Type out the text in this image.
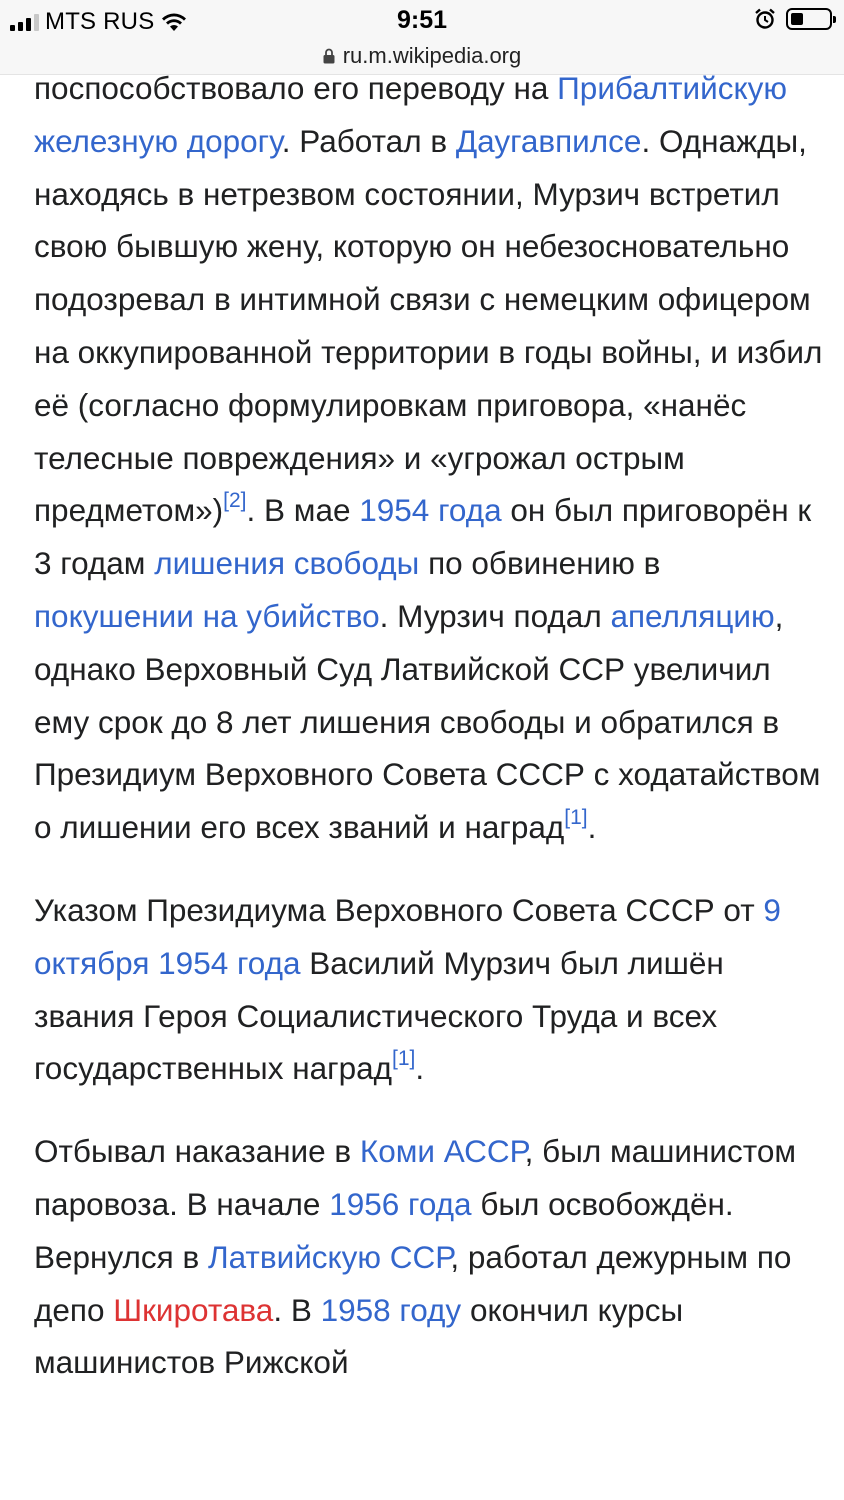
MTS RUS	9:51
ru.m.wikipedia.org

поспособствовало его переводу на Прибалтийскую железную дорогу. Работал в Даугавпилсе. Однажды, находясь в нетрезвом состоянии, Мурзич встретил свою бывшую жену, которую он небезосновательно подозревал в интимной связи с немецким офицером на оккупированной территории в годы войны, и избил её (согласно формулировкам приговора, «нанёс телесные повреждения» и «угрожал острым предметом»)[2]. В мае 1954 года он был приговорён к 3 годам лишения свободы по обвинению в покушении на убийство. Мурзич подал апелляцию, однако Верховный Суд Латвийской ССР увеличил ему срок до 8 лет лишения свободы и обратился в Президиум Верховного Совета СССР с ходатайством о лишении его всех званий и наград[1].

Указом Президиума Верховного Совета СССР от 9 октября 1954 года Василий Мурзич был лишён звания Героя Социалистического Труда и всех государственных наград[1].

Отбывал наказание в Коми АССР, был машинистом паровоза. В начале 1956 года был освобождён. Вернулся в Латвийскую ССР, работал дежурным по депо Шкиротава. В 1958 году окончил курсы машинистов Рижской
